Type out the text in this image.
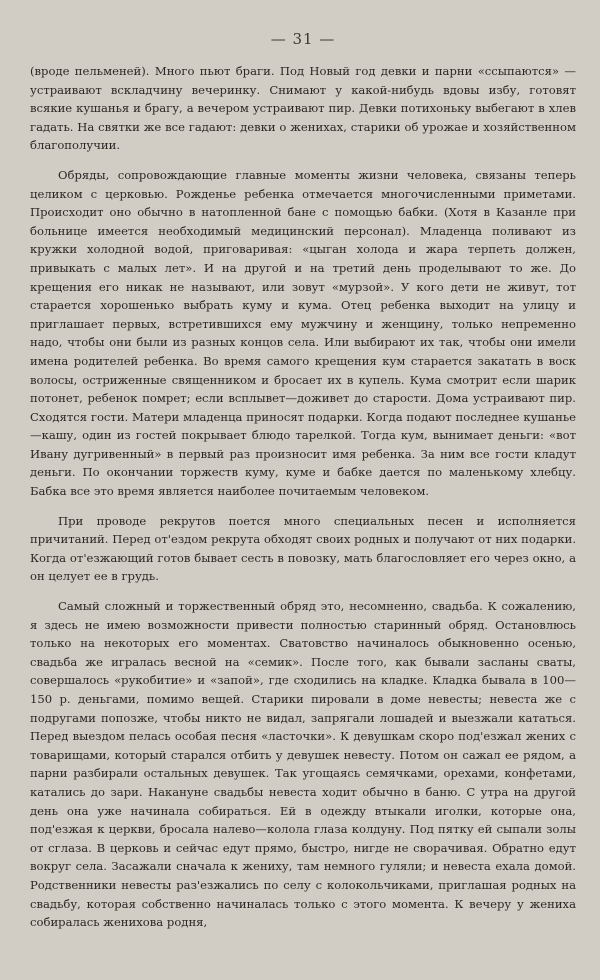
— 31 —

(вроде пельменей). Много пьют браги. Под Новый год девки и парни «ссыпаются» — устраивают вскладчину вечеринку. Снимают у какой-нибудь вдовы избу, готовят всякие кушанья и брагу, а вечером устраивают пир. Девки потихоньку выбегают в хлев гадать. На святки же все гадают: девки о женихах, старики об урожае и хозяйственном благополучии.

Обряды, сопровождающие главные моменты жизни человека, связаны теперь целиком с церковью. Рожденье ребенка отмечается многочисленными приметами. Происходит оно обычно в натопленной бане с помощью бабки. (Хотя в Казанле при больнице имеется необходимый медицинский персонал). Младенца поливают из кружки холодной водой, приговаривая: «цыган холода и жара терпеть должен, привыкать с малых лет». И на другой и на третий день проделывают то же. До крещения его никак не называют, или зовут «мурзой». У кого дети не живут, тот старается хорошенько выбрать куму и кума. Отец ребенка выходит на улицу и приглашает первых, встретившихся ему мужчину и женщину, только непременно надо, чтобы они были из разных концов села. Или выбирают их так, чтобы они имели имена родителей ребенка. Во время самого крещения кум старается закатать в воск волосы, остриженные священником и бросает их в купель. Кума смотрит если шарик потонет, ребенок помрет; если всплывет—доживет до старости. Дома устраивают пир. Сходятся гости. Матери младенца приносят подарки. Когда подают последнее кушанье—кашу, один из гостей покрывает блюдо тарелкой. Тогда кум, вынимает деньги: «вот Ивану дугривенный» в первый раз произносит имя ребенка. За ним все гости кладут деньги. По окончании торжеств куму, куме и бабке дается по маленькому хлебцу. Бабка все это время является наиболее почитаемым человеком.

При проводе рекрутов поется много специальных песен и исполняется причитаний. Перед от'ездом рекрута обходят своих родных и получают от них подарки. Когда от'езжающий готов бывает сесть в повозку, мать благословляет его через окно, а он целует ее в грудь.

Самый сложный и торжественный обряд это, несомненно, свадьба. К сожалению, я здесь не имею возможности привести полностью старинный обряд. Остановлюсь только на некоторых его моментах. Сватовство начиналось обыкновенно осенью, свадьба же игралась весной на «семик». После того, как бывали засланы сваты, совершалось «рукобитие» и «запой», где сходились на кладке. Кладка бывала в 100—150 р. деньгами, помимо вещей. Старики пировали в доме невесты; невеста же с подругами попозже, чтобы никто не видал, запрягали лошадей и выезжали кататься. Перед выездом пелась особая песня «ласточки». К девушкам скоро под'езжал жених с товарищами, который старался отбить у девушек невесту. Потом он сажал ее рядом, а парни разбирали остальных девушек. Так угощаясь семячками, орехами, конфетами, катались до зари. Накануне свадьбы невеста ходит обычно в баню. С утра на другой день она уже начинала собираться. Ей в одежду втыкали иголки, которые она, под'езжая к церкви, бросала налево—колола глаза колдуну. Под пятку ей сыпали золы от сглаза. В церковь и сейчас едут прямо, быстро, нигде не сворачивая. Обратно едут вокруг села. Засажали сначала к жениху, там немного гуляли; и невеста ехала домой. Родственники невесты раз'езжались по селу с колокольчиками, приглашая родных на свадьбу, которая собственно начиналась только с этого момента. К вечеру у жениха собиралась женихова родня,
